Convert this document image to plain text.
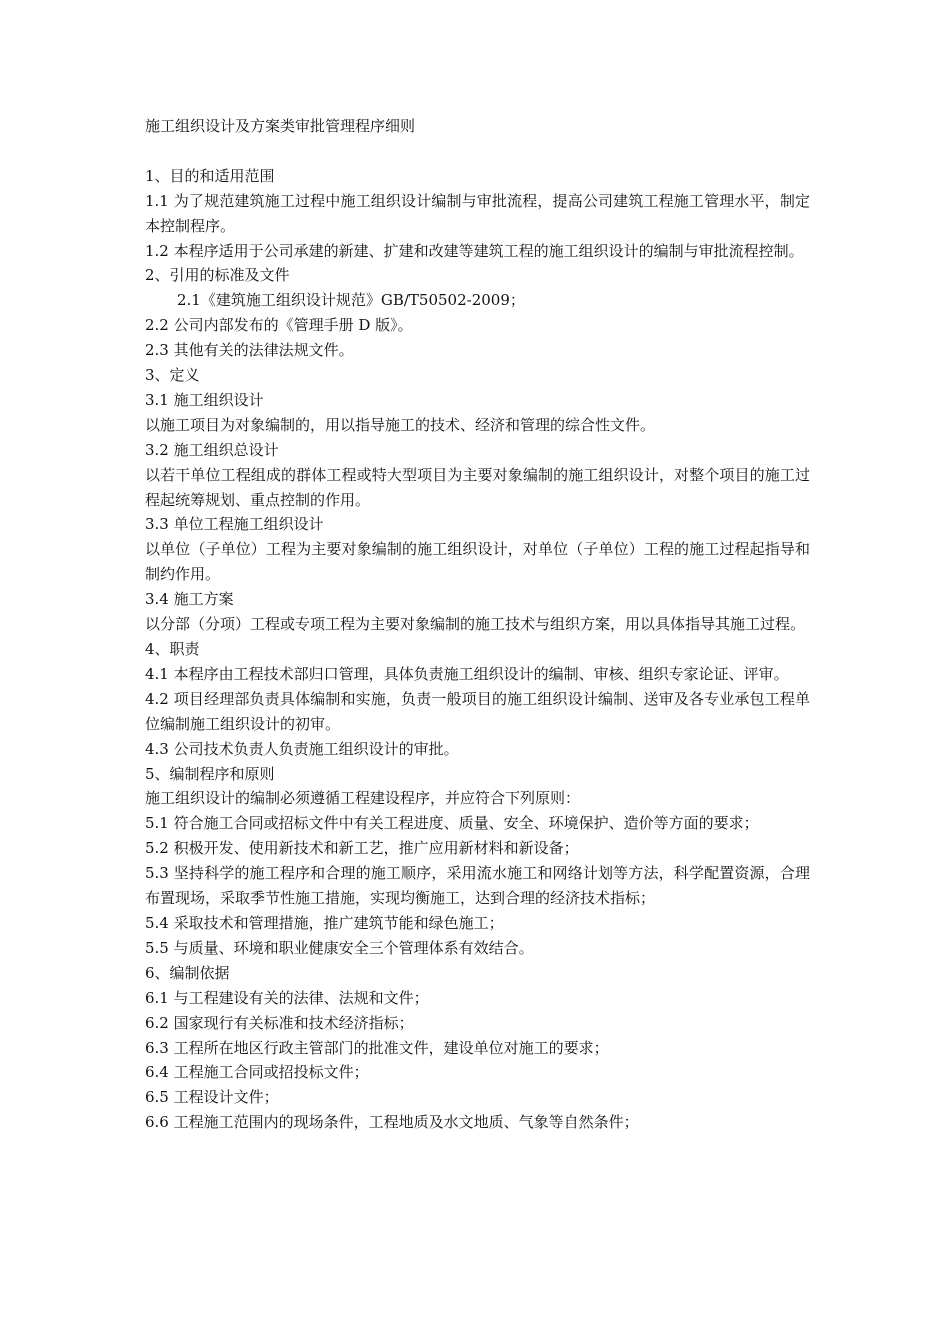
施工组织设计及方案类审批管理程序细则

1、目的和适用范围

1.1 为了规范建筑施工过程中施工组织设计编制与审批流程，提高公司建筑工程施工管理水平，制定本控制程序。

1.2 本程序适用于公司承建的新建、扩建和改建等建筑工程的施工组织设计的编制与审批流程控制。

2、引用的标准及文件

2.1《建筑施工组织设计规范》GB/T50502-2009；

2.2 公司内部发布的《管理手册 D 版》。

2.3 其他有关的法律法规文件。

3、定义

3.1 施工组织设计

以施工项目为对象编制的，用以指导施工的技术、经济和管理的综合性文件。

3.2 施工组织总设计

以若干单位工程组成的群体工程或特大型项目为主要对象编制的施工组织设计，对整个项目的施工过程起统筹规划、重点控制的作用。

3.3 单位工程施工组织设计

以单位（子单位）工程为主要对象编制的施工组织设计，对单位（子单位）工程的施工过程起指导和制约作用。

3.4 施工方案

以分部（分项）工程或专项工程为主要对象编制的施工技术与组织方案，用以具体指导其施工过程。

4、职责

4.1 本程序由工程技术部归口管理，具体负责施工组织设计的编制、审核、组织专家论证、评审。

4.2 项目经理部负责具体编制和实施，负责一般项目的施工组织设计编制、送审及各专业承包工程单位编制施工组织设计的初审。

4.3 公司技术负责人负责施工组织设计的审批。

5、编制程序和原则

施工组织设计的编制必须遵循工程建设程序，并应符合下列原则：

5.1 符合施工合同或招标文件中有关工程进度、质量、安全、环境保护、造价等方面的要求；

5.2 积极开发、使用新技术和新工艺，推广应用新材料和新设备；

5.3 坚持科学的施工程序和合理的施工顺序，采用流水施工和网络计划等方法，科学配置资源，合理布置现场，采取季节性施工措施，实现均衡施工，达到合理的经济技术指标；

5.4 采取技术和管理措施，推广建筑节能和绿色施工；

5.5 与质量、环境和职业健康安全三个管理体系有效结合。

6、编制依据

6.1 与工程建设有关的法律、法规和文件；

6.2 国家现行有关标准和技术经济指标；

6.3 工程所在地区行政主管部门的批准文件，建设单位对施工的要求；

6.4 工程施工合同或招投标文件；

6.5 工程设计文件；

6.6 工程施工范围内的现场条件，工程地质及水文地质、气象等自然条件；
